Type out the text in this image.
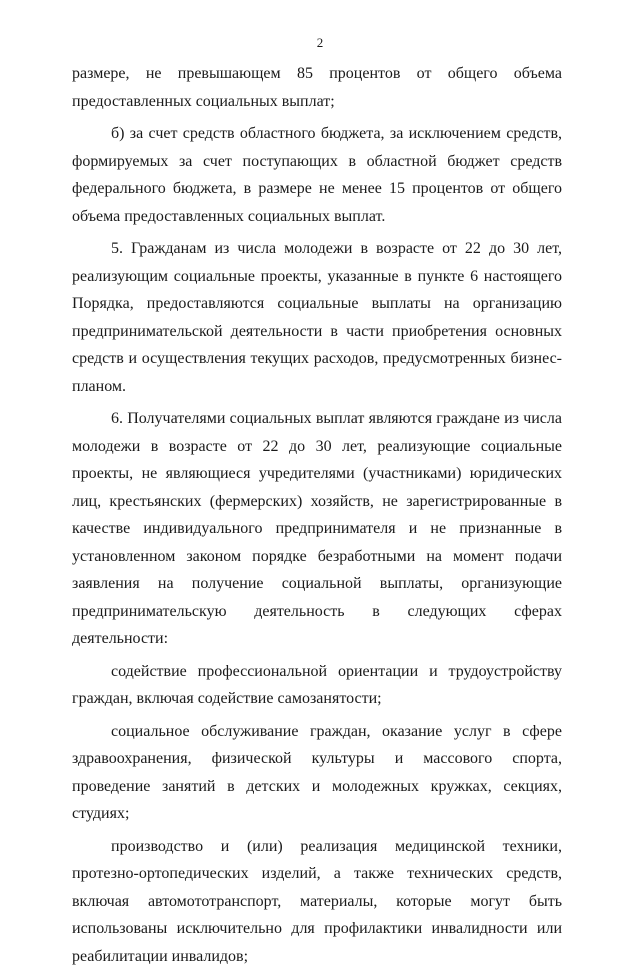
2

размере, не превышающем 85 процентов от общего объема предоставленных социальных выплат;

б) за счет средств областного бюджета, за исключением средств, формируемых за счет поступающих в областной бюджет средств федерального бюджета, в размере не менее 15 процентов от общего объема предоставленных социальных выплат.

5. Гражданам из числа молодежи в возрасте от 22 до 30 лет, реализующим социальные проекты, указанные в пункте 6 настоящего Порядка, предоставляются социальные выплаты на организацию предпринимательской деятельности в части приобретения основных средств и осуществления текущих расходов, предусмотренных бизнес-планом.

6. Получателями социальных выплат являются граждане из числа молодежи в возрасте от 22 до 30 лет, реализующие социальные проекты, не являющиеся учредителями (участниками) юридических лиц, крестьянских (фермерских) хозяйств, не зарегистрированные в качестве индивидуального предпринимателя и не признанные в установленном законом порядке безработными на момент подачи заявления на получение социальной выплаты, организующие предпринимательскую деятельность в следующих сферах деятельности:

содействие профессиональной ориентации и трудоустройству граждан, включая содействие самозанятости;

социальное обслуживание граждан, оказание услуг в сфере здравоохранения, физической культуры и массового спорта, проведение занятий в детских и молодежных кружках, секциях, студиях;

производство и (или) реализация медицинской техники, протезно-ортопедических изделий, а также технических средств, включая автомототранспорт, материалы, которые могут быть использованы исключительно для профилактики инвалидности или реабилитации инвалидов;
